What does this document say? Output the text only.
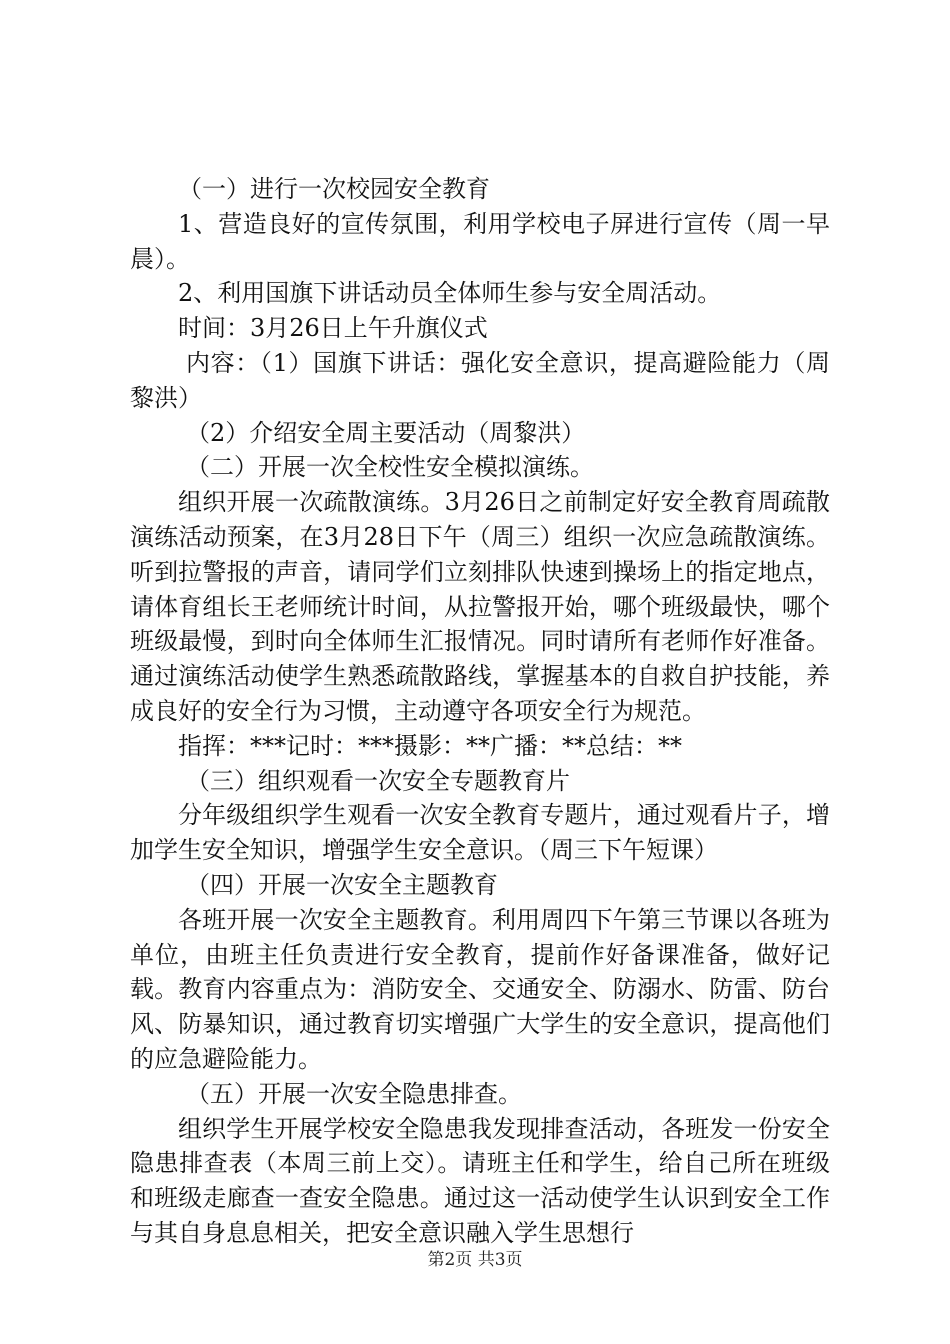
（一）进行一次校园安全教育

1、营造良好的宣传氛围，利用学校电子屏进行宣传（周一早晨）。

2、利用国旗下讲话动员全体师生参与安全周活动。

时间：3月26日上午升旗仪式

内容：（1）国旗下讲话：强化安全意识，提高避险能力（周黎洪）

（2）介绍安全周主要活动（周黎洪）

（二）开展一次全校性安全模拟演练。

组织开展一次疏散演练。3月26日之前制定好安全教育周疏散演练活动预案，在3月28日下午（周三）组织一次应急疏散演练。听到拉警报的声音，请同学们立刻排队快速到操场上的指定地点，请体育组长王老师统计时间，从拉警报开始，哪个班级最快，哪个班级最慢，到时向全体师生汇报情况。同时请所有老师作好准备。通过演练活动使学生熟悉疏散路线，掌握基本的自救自护技能，养成良好的安全行为习惯，主动遵守各项安全行为规范。

指挥：***记时：***摄影：**广播：**总结：**

（三）组织观看一次安全专题教育片

分年级组织学生观看一次安全教育专题片，通过观看片子，增加学生安全知识，增强学生安全意识。（周三下午短课）

（四）开展一次安全主题教育

各班开展一次安全主题教育。利用周四下午第三节课以各班为单位，由班主任负责进行安全教育，提前作好备课准备，做好记载。教育内容重点为：消防安全、交通安全、防溺水、防雷、防台风、防暴知识，通过教育切实增强广大学生的安全意识，提高他们的应急避险能力。

（五）开展一次安全隐患排查。

组织学生开展学校安全隐患我发现排查活动，各班发一份安全隐患排查表（本周三前上交）。请班主任和学生，给自己所在班级和班级走廊查一查安全隐患。通过这一活动使学生认识到安全工作与其自身息息相关，把安全意识融入学生思想行

第2页 共3页
